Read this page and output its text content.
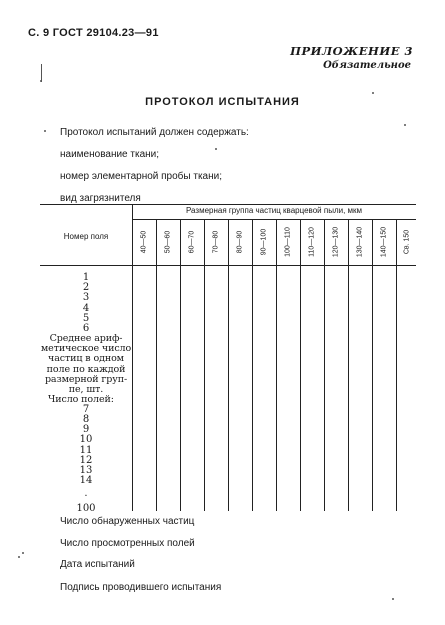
С. 9 ГОСТ 29104.23—91
ПРИЛОЖЕНИЕ 3
Обязательное
ПРОТОКОЛ ИСПЫТАНИЯ
Протокол испытаний должен содержать:
наименование ткани;
номер элементарной пробы ткани;
вид загрязнителя
Размерная группа частиц кварцевой пыли, мкм
Номер поля	40—50 50—60 60—70 70—80 80—90 90—100 100—110 110—120 120—130 130—140 140—150 Св. 150
1
2
3
4
5
6
Среднее ариф-
метическое число
частиц в одном
поле по каждой
размерной груп-
пе, шт.
Число полей:
7
8
9
10
11
12
13
14
.
100
Число обнаруженных частиц
Число просмотренных полей
Дата испытаний
Подпись проводившего испытания
